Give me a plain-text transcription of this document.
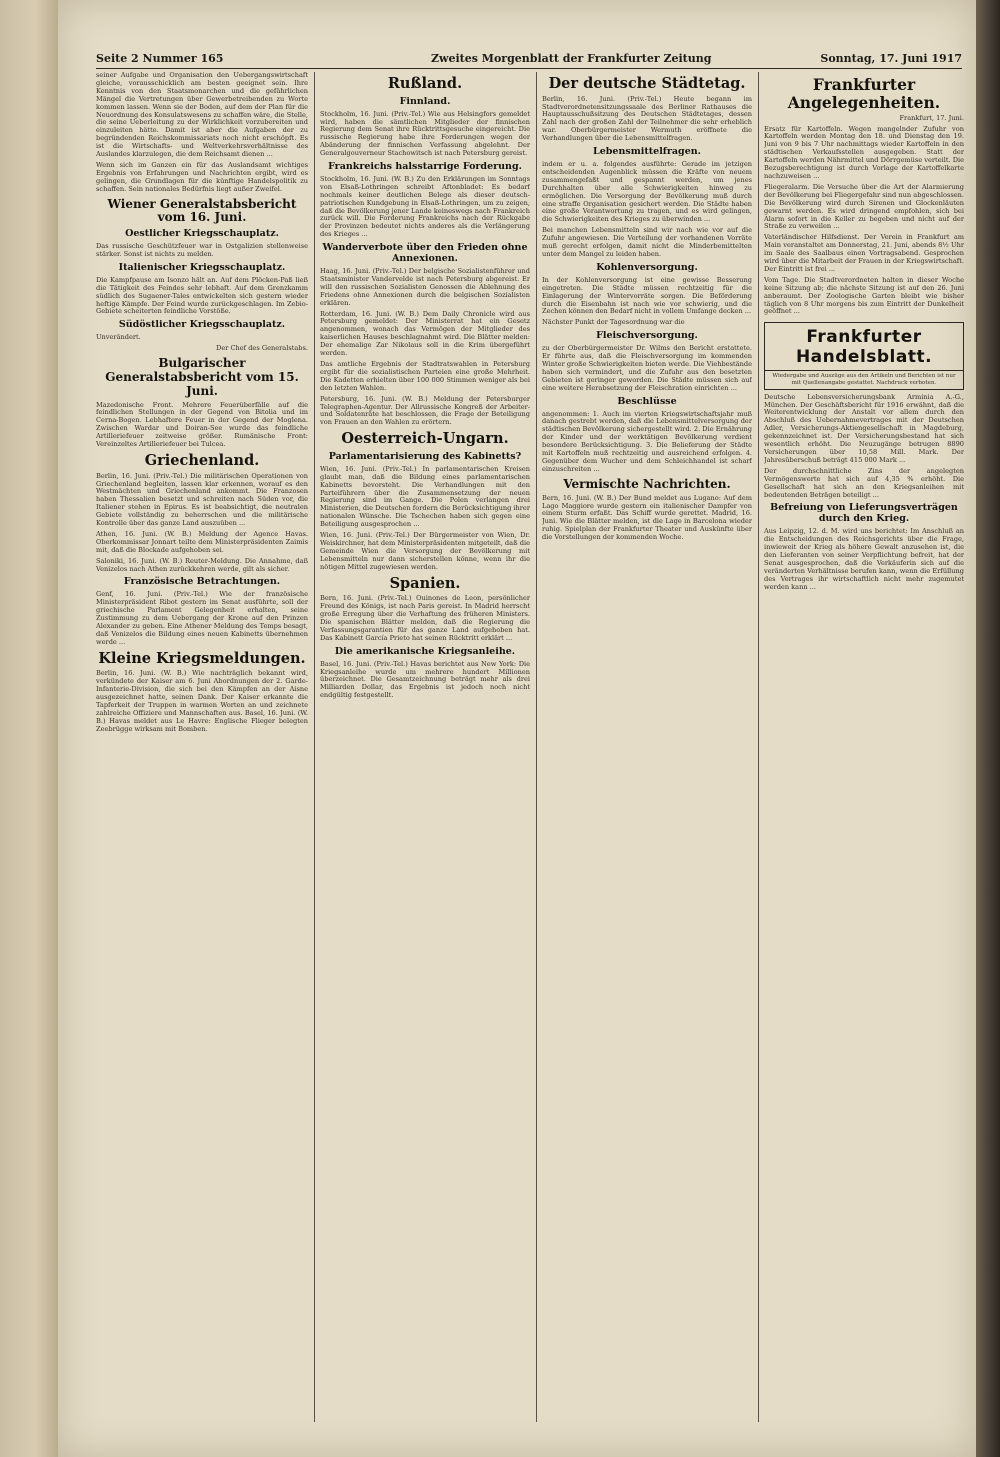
Seite 2 Nummer 165	Zweites Morgenblatt der Frankfurter Zeitung	Sonntag, 17. Juni 1917

seiner Aufgabe und Organisation den Uebergangswirtschaft gleiche, vorausschicklich am besten geeignet sein. Ihre Kenntnis von den Staatsmonarchen und die gefährlichen Mängel die Vertretungen über Gewerbetreibenden zu Worte kommen lassen. Wenn sie der Boden, auf dem der Plan für die Neuordnung des Konsulatswesens zu schaffen wäre, die Stelle, die seine Ueberleitung zu der Wirklichkeit vorzubereiten und einzuleiten hätte. Damit ist aber die Aufgaben der zu begründenden Reichskommissariats noch nicht erschöpft. Es ist die Wirtschafts- und Weltverkehrsverhältnisse des Auslandes klarzulegen, die dem Reichsamt dienen ...

Wenn sich im Ganzen ein für das Auslandsamt wichtiges Ergebnis von Erfahrungen und Nachrichten ergibt, wird es gelingen, die Grundlagen für die künftige Handelspolitik zu schaffen. Sein nationales Bedürfnis liegt außer Zweifel.

Wiener Generalstabsbericht vom 16. Juni.
Oestlicher Kriegsschauplatz.

Das russische Geschützfeuer war in Ostgalizien stellenweise stärker. Sonst ist nichts zu melden.

Italienischer Kriegsschauplatz.

Die Kampfpause am Isonzo hält an. Auf dem Plöcken-Paß ließ die Tätigkeit des Feindes sehr lebhaft. Auf dem Grenzkamm südlich des Sugaener-Tales entwickelten sich gestern wieder heftige Kämpfe. Der Feind wurde zurückgeschlagen. Im Zebio-Gebiete scheiterten feindliche Vorstöße.

Südöstlicher Kriegsschauplatz.

Unverändert.

Der Chef des Generalstabs.

Bulgarischer Generalstabsbericht vom 15. Juni.

Mazedonische Front. Mehrere Feuerüberfälle auf die feindlichen Stellungen in der Gegend von Bitolia und im Cerna-Bogen. Lebhaftere Feuer in der Gegend der Moglena. Zwischen Wardar und Doiran-See wurde das feindliche Artilleriefeuer zeitweise größer. Rumänische Front: Vereinzeltes Artilleriefeuer bei Tulcea.

Griechenland.

Berlin, 16. Juni. (Priv.-Tel.) Die militärischen Operationen von Griechenland begleiten, lassen klar erkennen, worauf es den Westmächten und Griechenland ankommt. Die Franzosen haben Thessalien besetzt und schreiten nach Süden vor, die Italiener stehen in Epirus. Es ist beabsichtigt, die neutralen Gebiete vollständig zu beherrschen und die militärische Kontrolle über das ganze Land auszuüben ...

Athen, 16. Juni. (W. B.) Meldung der Agence Havas. Oberkommissar Jonnart teilte dem Ministerpräsidenten Zaimis mit, daß die Blockade aufgehoben sei.

Saloniki, 16. Juni. (W. B.) Reuter-Meldung. Die Annahme, daß Venizelos nach Athen zurückkehren werde, gilt als sicher.

Französische Betrachtungen.

Genf, 16. Juni. (Priv.-Tel.) Wie der französische Ministerpräsident Ribot gestern im Senat ausführte, soll der griechische Parlament Gelegenheit erhalten, seine Zustimmung zu dem Uebergang der Krone auf den Prinzen Alexander zu geben. Eine Athener Meldung des Temps besagt, daß Venizelos die Bildung eines neuen Kabinetts übernehmen werde ...

Kleine Kriegsmeldungen.

Berlin, 16. Juni. (W. B.) Wie nachträglich bekannt wird, verkündete der Kaiser am 6. Juni Abordnungen der 2. Garde-Infanterie-Division, die sich bei den Kämpfen an der Aisne ausgezeichnet hatte, seinen Dank. Der Kaiser erkannte die Tapferkeit der Truppen in warmen Worten an und zeichnete zahlreiche Offiziere und Mannschaften aus. Basel, 16. Juni. (W. B.) Havas meldet aus Le Havre: Englische Flieger belegten Zeebrügge wirksam mit Bomben.

Rußland.
Finnland.

Stockholm, 16. Juni. (Priv.-Tel.) Wie aus Helsingfors gemeldet wird, haben die sämtlichen Mitglieder der finnischen Regierung dem Senat ihre Rücktrittsgesuche eingereicht. Die russische Regierung habe ihre Forderungen wegen der Abänderung der finnischen Verfassung abgelehnt. Der Generalgouverneur Stachowitsch ist nach Petersburg gereist.

Frankreichs halsstarrige Forderung.

Stockholm, 16. Juni. (W. B.) Zu den Erklärungen im Sonntags von Elsaß-Lothringen schreibt Aftonbladet: Es bedarf nochmals keiner deutlichen Belege als dieser deutsch-patriotischen Kundgebung in Elsaß-Lothringen, um zu zeigen, daß die Bevölkerung jener Lande keineswegs nach Frankreich zurück will. Die Forderung Frankreichs nach der Rückgabe der Provinzen bedeutet nichts anderes als die Verlängerung des Krieges ...

Wanderverbote über den Frieden ohne Annexionen.

Haag, 16. Juni. (Priv.-Tel.) Der belgische Sozialistenführer und Staatsminister Vandervelde ist nach Petersburg abgereist. Er will den russischen Sozialisten Genossen die Ablehnung des Friedens ohne Annexionen durch die belgischen Sozialisten erklären.

Rotterdam, 16. Juni. (W. B.) Dem Daily Chronicle wird aus Petersburg gemeldet: Der Ministerrat hat ein Gesetz angenommen, wonach das Vermögen der Mitglieder des kaiserlichen Hauses beschlagnahmt wird. Die Blätter melden: Der ehemalige Zar Nikolaus soll in die Krim übergeführt werden.

Das amtliche Ergebnis der Stadtratswahlen in Petersburg ergibt für die sozialistischen Parteien eine große Mehrheit. Die Kadetten erhielten über 100 000 Stimmen weniger als bei den letzten Wahlen.

Petersburg, 16. Juni. (W. B.) Meldung der Petersburger Telegraphen-Agentur. Der Allrussische Kongreß der Arbeiter- und Soldatenräte hat beschlossen, die Frage der Beteiligung von Frauen an den Wahlen zu erörtern.

Oesterreich-Ungarn.
Parlamentarisierung des Kabinetts?

Wien, 16. Juni. (Priv.-Tel.) In parlamentarischen Kreisen glaubt man, daß die Bildung eines parlamentarischen Kabinetts bevorsteht. Die Verhandlungen mit den Parteiführern über die Zusammensetzung der neuen Regierung sind im Gange. Die Polen verlangen drei Ministerien, die Deutschen fordern die Berücksichtigung ihrer nationalen Wünsche. Die Tschechen haben sich gegen eine Beteiligung ausgesprochen ...

Wien, 16. Juni. (Priv.-Tel.) Der Bürgermeister von Wien, Dr. Weiskirchner, hat dem Ministerpräsidenten mitgeteilt, daß die Gemeinde Wien die Versorgung der Bevölkerung mit Lebensmitteln nur dann sicherstellen könne, wenn ihr die nötigen Mittel zugewiesen werden.

Spanien.

Bern, 16. Juni. (Priv.-Tel.) Ouinones de Leon, persönlicher Freund des Königs, ist nach Paris gereist. In Madrid herrscht große Erregung über die Verhaftung des früheren Ministers. Die spanischen Blätter melden, daß die Regierung die Verfassungsgarantien für das ganze Land aufgehoben hat. Das Kabinett García Prieto hat seinen Rücktritt erklärt ...

Die amerikanische Kriegsanleihe.

Basel, 16. Juni. (Priv.-Tel.) Havas berichtet aus New York: Die Kriegsanleihe wurde um mehrere hundert Millionen überzeichnet. Die Gesamtzeichnung beträgt mehr als drei Milliarden Dollar, das Ergebnis ist jedoch noch nicht endgültig festgestellt.

Der deutsche Städtetag.

Berlin, 16. Juni. (Priv.-Tel.) Heute begann im Stadtverordnetensitzungssaale des Berliner Rathauses die Hauptausschußsitzung des Deutschen Städtetages, dessen Zahl nach der großen Zahl der Teilnehmer die sehr erheblich war. Oberbürgermeister Wermuth eröffnete die Verhandlungen über die Lebensmittelfragen.

Lebensmittelfragen.

indem er u. a. folgendes ausführte: Gerade im jetzigen entscheidenden Augenblick müssen die Kräfte von neuem zusammengefaßt und gespannt werden, um jenes Durchhalten über alle Schwierigkeiten hinweg zu ermöglichen. Die Versorgung der Bevölkerung muß durch eine straffe Organisation gesichert werden. Die Städte haben eine große Verantwortung zu tragen, und es wird gelingen, die Schwierigkeiten des Krieges zu überwinden ...

Bei manchen Lebensmitteln sind wir nach wie vor auf die Zufuhr angewiesen. Die Verteilung der vorhandenen Vorräte muß gerecht erfolgen, damit nicht die Minderbemittelten unter dem Mangel zu leiden haben.

Kohlenversorgung.

In der Kohlenversorgung ist eine gewisse Besserung eingetreten. Die Städte müssen rechtzeitig für die Einlagerung der Wintervorräte sorgen. Die Beförderung durch die Eisenbahn ist nach wie vor schwierig, und die Zechen können den Bedarf nicht in vollem Umfange decken ...

Nächster Punkt der Tagesordnung war die

Fleischversorgung.

zu der Oberbürgermeister Dr. Wilms den Bericht erstattete. Er führte aus, daß die Fleischversorgung im kommenden Winter große Schwierigkeiten bieten werde. Die Viehbestände haben sich vermindert, und die Zufuhr aus den besetzten Gebieten ist geringer geworden. Die Städte müssen sich auf eine weitere Herabsetzung der Fleischration einrichten ...

Beschlüsse

angenommen: 1. Auch im vierten Kriegswirtschaftsjahr muß danach gestrebt werden, daß die Lebensmittelversorgung der städtischen Bevölkerung sichergestellt wird. 2. Die Ernährung der Kinder und der werktätigen Bevölkerung verdient besondere Berücksichtigung. 3. Die Belieferung der Städte mit Kartoffeln muß rechtzeitig und ausreichend erfolgen. 4. Gegenüber dem Wucher und dem Schleichhandel ist scharf einzuschreiten ...

Vermischte Nachrichten.

Bern, 16. Juni. (W. B.) Der Bund meldet aus Lugano: Auf dem Lago Maggiore wurde gestern ein italienischer Dampfer von einem Sturm erfaßt. Das Schiff wurde gerettet. Madrid, 16. Juni. Wie die Blätter melden, ist die Lage in Barcelona wieder ruhig. Spielplan der Frankfurter Theater und Auskünfte über die Vorstellungen der kommenden Woche.

Frankfurter Angelegenheiten.

Frankfurt, 17. Juni.

Ersatz für Kartoffeln. Wegen mangelnder Zufuhr von Kartoffeln werden Montag den 18. und Dienstag den 19. Juni von 9 bis 7 Uhr nachmittags wieder Kartoffeln in den städtischen Verkaufsstellen ausgegeben. Statt der Kartoffeln werden Nährmittel und Dörrgemüse verteilt. Die Bezugsberechtigung ist durch Vorlage der Kartoffelkarte nachzuweisen ...

Fliegeralarm. Die Versuche über die Art der Alarmierung der Bevölkerung bei Fliegergefahr sind nun abgeschlossen. Die Bevölkerung wird durch Sirenen und Glockenläuten gewarnt werden. Es wird dringend empfohlen, sich bei Alarm sofort in die Keller zu begeben und nicht auf der Straße zu verweilen ...

Vaterländischer Hilfsdienst. Der Verein in Frankfurt am Main veranstaltet am Donnerstag, 21. Juni, abends 8½ Uhr im Saale des Saalbaus einen Vortragsabend. Gesprochen wird über die Mitarbeit der Frauen in der Kriegswirtschaft. Der Eintritt ist frei ...

Vom Tage. Die Stadtverordneten halten in dieser Woche keine Sitzung ab; die nächste Sitzung ist auf den 26. Juni anberaumt. Der Zoologische Garten bleibt wie bisher täglich von 8 Uhr morgens bis zum Eintritt der Dunkelheit geöffnet ...

Frankfurter Handelsblatt.
Wiedergabe und Auszüge aus den Artikeln und Berichten ist nur mit Quellenangabe gestattet. Nachdruck verboten.

Deutsche Lebensversicherungsbank Arminia A.-G., München. Der Geschäftsbericht für 1916 erwähnt, daß die Weiterentwicklung der Anstalt vor allem durch den Abschluß des Uebernahmevertrages mit der Deutschen Adler, Versicherungs-Aktiengesellschaft in Magdeburg, gekennzeichnet ist. Der Versicherungsbestand hat sich wesentlich erhöht. Die Neuzugänge betrugen 8890 Versicherungen über 10,58 Mill. Mark. Der Jahresüberschuß beträgt 415 000 Mark ...

Der durchschnittliche Zins der angelegten Vermögenswerte hat sich auf 4,35 % erhöht. Die Gesellschaft hat sich an den Kriegsanleihen mit bedeutenden Beträgen beteiligt ...

Befreiung von Lieferungsverträgen durch den Krieg.

Aus Leipzig, 12. d. M. wird uns berichtet: Im Anschluß an die Entscheidungen des Reichsgerichts über die Frage, inwieweit der Krieg als höhere Gewalt anzusehen ist, die den Lieferanten von seiner Verpflichtung befreit, hat der Senat ausgesprochen, daß die Verkäuferin sich auf die veränderten Verhältnisse berufen kann, wenn die Erfüllung des Vertrages ihr wirtschaftlich nicht mehr zugemutet werden kann ...
